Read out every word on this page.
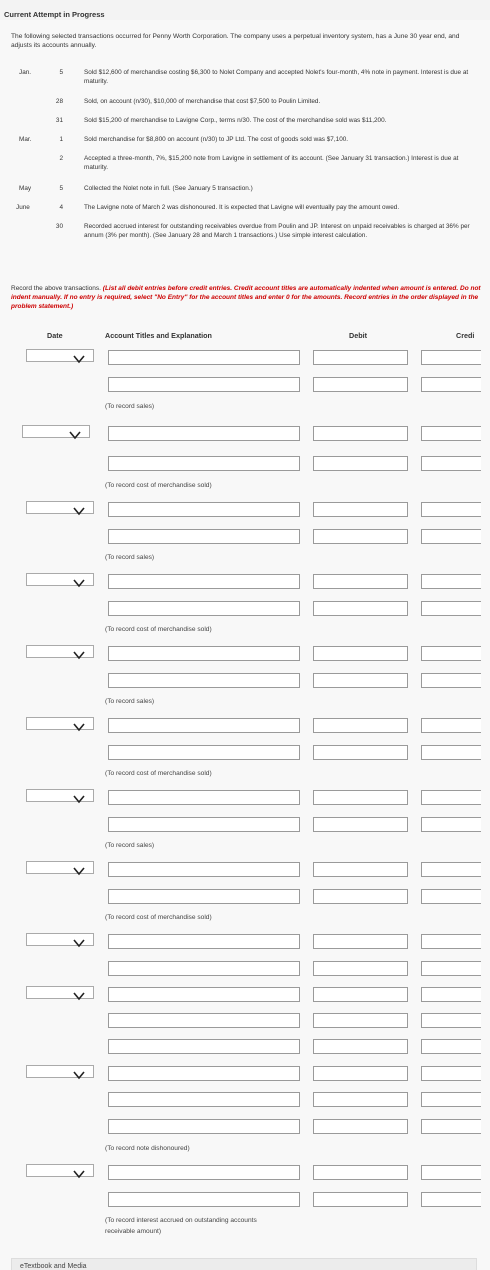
Current Attempt in Progress
The following selected transactions occurred for Penny Worth Corporation. The company uses a perpetual inventory system, has a June 30 year end, and adjusts its accounts annually.
Jan.	5	Sold $12,600 of merchandise costing $6,300 to Nolet Company and accepted Nolet's four-month, 4% note in payment. Interest is due at maturity.
28	Sold, on account (n/30), $10,000 of merchandise that cost $7,500 to Poulin Limited.
31	Sold $15,200 of merchandise to Lavigne Corp., terms n/30. The cost of the merchandise sold was $11,200.
Mar.	1	Sold merchandise for $8,800 on account (n/30) to JP Ltd. The cost of goods sold was $7,100.
2	Accepted a three-month, 7%, $15,200 note from Lavigne in settlement of its account. (See January 31 transaction.) Interest is due at maturity.
May	5	Collected the Nolet note in full. (See January 5 transaction.)
June	4	The Lavigne note of March 2 was dishonoured. It is expected that Lavigne will eventually pay the amount owed.
30	Recorded accrued interest for outstanding receivables overdue from Poulin and JP. Interest on unpaid receivables is charged at 36% per annum (3% per month). (See January 28 and March 1 transactions.) Use simple interest calculation.
Record the above transactions. (List all debit entries before credit entries. Credit account titles are automatically indented when amount is entered. Do not indent manually. If no entry is required, select "No Entry" for the account titles and enter 0 for the amounts. Record entries in the order displayed in the problem statement.)
Date	Account Titles and Explanation	Debit	Credi
(To record sales)
(To record cost of merchandise sold)
(To record sales)
(To record cost of merchandise sold)
(To record sales)
(To record cost of merchandise sold)
(To record sales)
(To record cost of merchandise sold)
(To record note dishonoured)
(To record interest accrued on outstanding accounts
receivable amount)
eTextbook and Media
